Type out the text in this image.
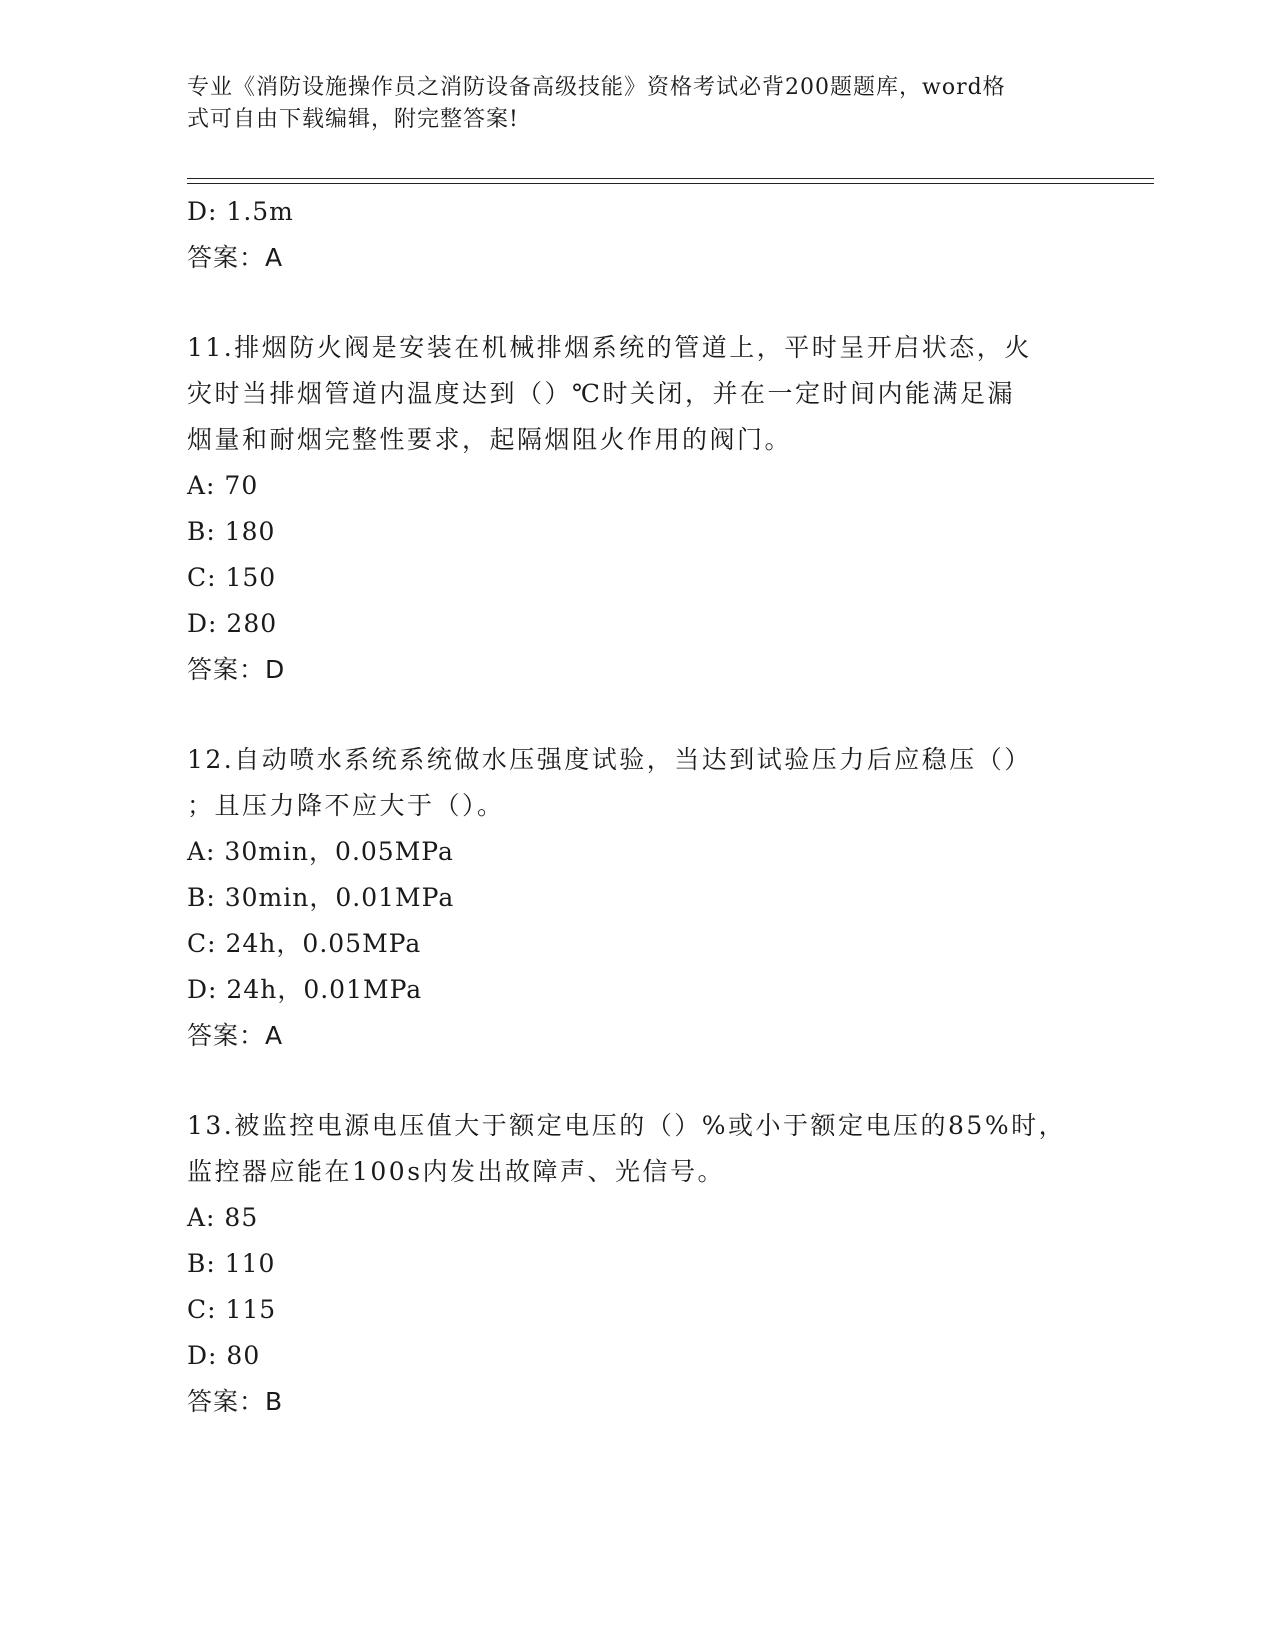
专业《消防设施操作员之消防设备高级技能》资格考试必背200题题库，word格
式可自由下载编辑，附完整答案!
D: 1.5m
答案：A
11.排烟防火阀是安装在机械排烟系统的管道上，平时呈开启状态，火
灾时当排烟管道内温度达到（）℃时关闭，并在一定时间内能满足漏
烟量和耐烟完整性要求，起隔烟阻火作用的阀门。
A: 70
B: 180
C: 150
D: 280
答案：D
12.自动喷水系统系统做水压强度试验，当达到试验压力后应稳压（）
；且压力降不应大于（）。
A: 30min，0.05MPa
B: 30min，0.01MPa
C: 24h，0.05MPa
D: 24h，0.01MPa
答案：A
13.被监控电源电压值大于额定电压的（）%或小于额定电压的85%时，
监控器应能在100s内发出故障声、光信号。
A: 85
B: 110
C: 115
D: 80
答案：B
